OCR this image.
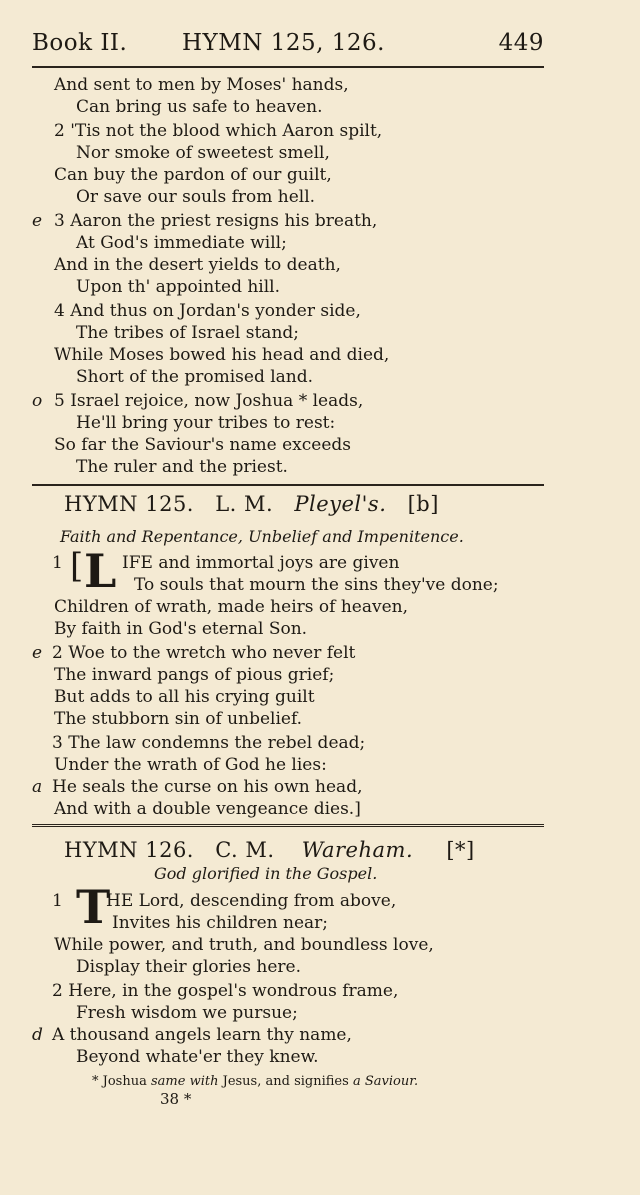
Book II. HYMN 125, 126.	449
And sent to men by Moses' hands,
Can bring us safe to heaven.
2 'Tis not the blood which Aaron spilt,
Nor smoke of sweetest smell,
Can buy the pardon of our guilt,
Or save our souls from hell.
e 3 Aaron the priest resigns his breath,
At God's immediate will;
And in the desert yields to death,
Upon th' appointed hill.
4 And thus on Jordan's yonder side,
The tribes of Israel stand;
While Moses bowed his head and died,
Short of the promised land.
o 5 Israel rejoice, now Joshua * leads,
He'll bring your tribes to rest:
So far the Saviour's name exceeds
The ruler and the priest.
HYMN 125. L. M. Pleyel's. [b]
Faith and Repentance, Unbelief and Impenitence.
1 [ L IFE and immortal joys are given
To souls that mourn the sins they've done;
Children of wrath, made heirs of heaven,
By faith in God's eternal Son.
e 2 Woe to the wretch who never felt
The inward pangs of pious grief;
But adds to all his crying guilt
The stubborn sin of unbelief.
3 The law condemns the rebel dead;
Under the wrath of God he lies:
a He seals the curse on his own head,
And with a double vengeance dies.]
HYMN 126. C. M. Wareham. [*]
God glorified in the Gospel.
1 T
HE Lord, descending from above,
Invites his children near;
While power, and truth, and boundless love,
Display their glories here.
2 Here, in the gospel's wondrous frame,
Fresh wisdom we pursue;
d A thousand angels learn thy name,
Beyond whate'er they knew.
* Joshua same with Jesus, and signifies a Saviour.
38 *
